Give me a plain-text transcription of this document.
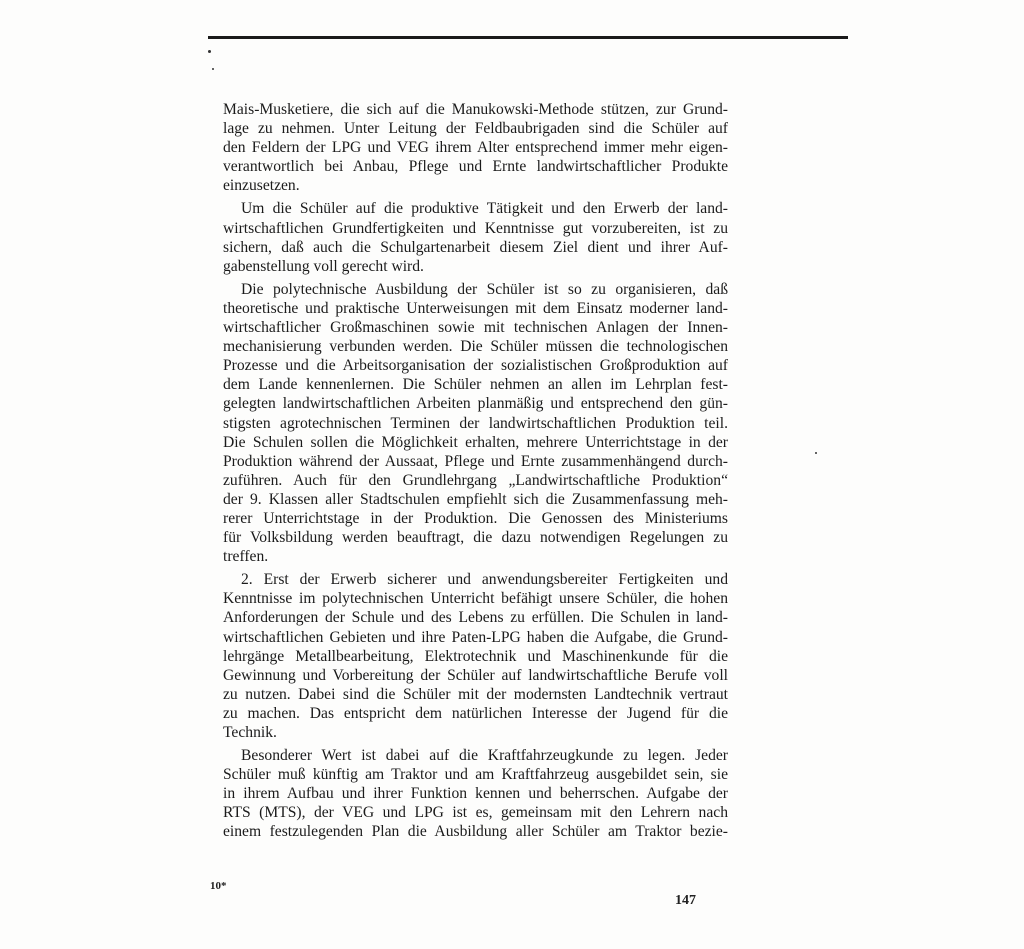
Mais-Musketiere, die sich auf die Manukowski-Methode stützen, zur Grund-
lage zu nehmen. Unter Leitung der Feldbaubrigaden sind die Schüler auf
den Feldern der LPG und VEG ihrem Alter entsprechend immer mehr eigen-
verantwortlich bei Anbau, Pflege und Ernte landwirtschaftlicher Produkte
einzusetzen.
Um die Schüler auf die produktive Tätigkeit und den Erwerb der land-
wirtschaftlichen Grundfertigkeiten und Kenntnisse gut vorzubereiten, ist zu
sichern, daß auch die Schulgartenarbeit diesem Ziel dient und ihrer Auf-
gabenstellung voll gerecht wird.
Die polytechnische Ausbildung der Schüler ist so zu organisieren, daß
theoretische und praktische Unterweisungen mit dem Einsatz moderner land-
wirtschaftlicher Großmaschinen sowie mit technischen Anlagen der Innen-
mechanisierung verbunden werden. Die Schüler müssen die technologischen
Prozesse und die Arbeitsorganisation der sozialistischen Großproduktion auf
dem Lande kennenlernen. Die Schüler nehmen an allen im Lehrplan fest-
gelegten landwirtschaftlichen Arbeiten planmäßig und entsprechend den gün-
stigsten agrotechnischen Terminen der landwirtschaftlichen Produktion teil.
Die Schulen sollen die Möglichkeit erhalten, mehrere Unterrichtstage in der
Produktion während der Aussaat, Pflege und Ernte zusammenhängend durch-
zuführen. Auch für den Grundlehrgang „Landwirtschaftliche Produktion“
der 9. Klassen aller Stadtschulen empfiehlt sich die Zusammenfassung meh-
rerer Unterrichtstage in der Produktion. Die Genossen des Ministeriums
für Volksbildung werden beauftragt, die dazu notwendigen Regelungen zu
treffen.
2. Erst der Erwerb sicherer und anwendungsbereiter Fertigkeiten und
Kenntnisse im polytechnischen Unterricht befähigt unsere Schüler, die hohen
Anforderungen der Schule und des Lebens zu erfüllen. Die Schulen in land-
wirtschaftlichen Gebieten und ihre Paten-LPG haben die Aufgabe, die Grund-
lehrgänge Metallbearbeitung, Elektrotechnik und Maschinenkunde für die
Gewinnung und Vorbereitung der Schüler auf landwirtschaftliche Berufe voll
zu nutzen. Dabei sind die Schüler mit der modernsten Landtechnik vertraut
zu machen. Das entspricht dem natürlichen Interesse der Jugend für die
Technik.
Besonderer Wert ist dabei auf die Kraftfahrzeugkunde zu legen. Jeder
Schüler muß künftig am Traktor und am Kraftfahrzeug ausgebildet sein, sie
in ihrem Aufbau und ihrer Funktion kennen und beherrschen. Aufgabe der
RTS (MTS), der VEG und LPG ist es, gemeinsam mit den Lehrern nach
einem festzulegenden Plan die Ausbildung aller Schüler am Traktor bezie-
10*
147
